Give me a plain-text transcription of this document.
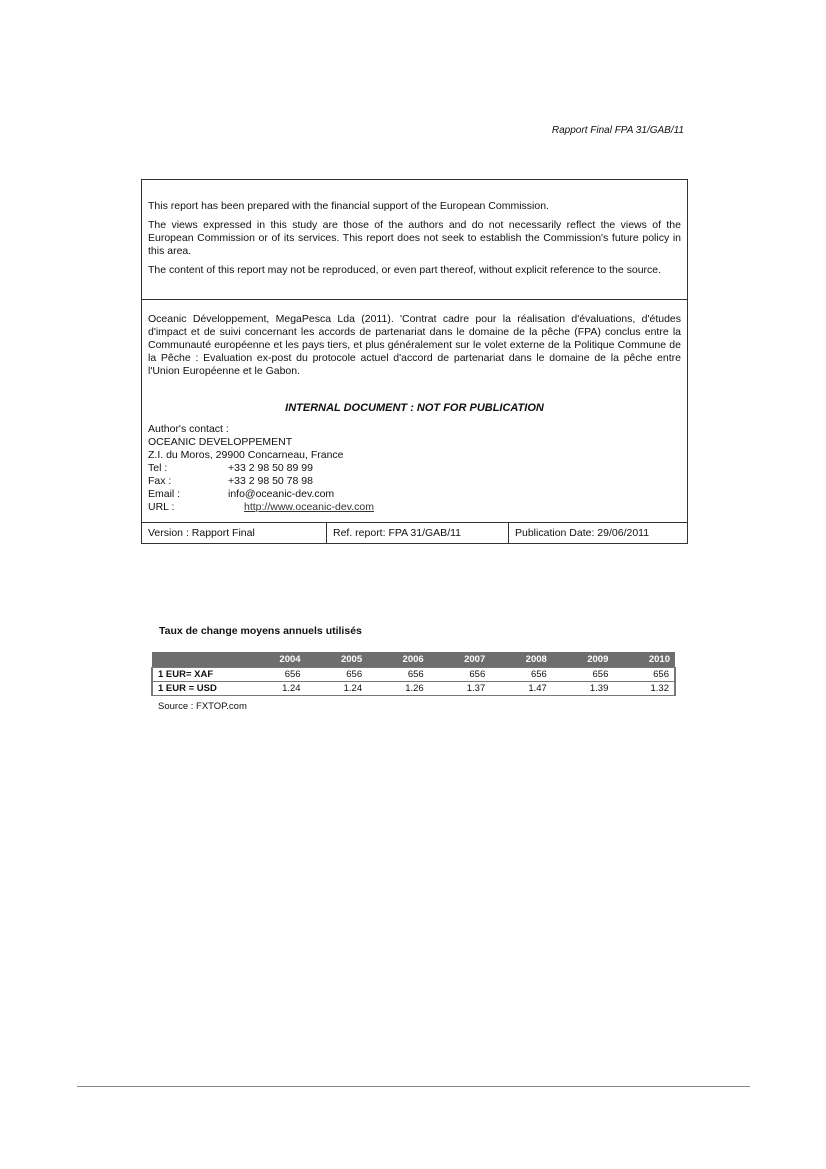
Rapport Final FPA 31/GAB/11

This report has been prepared with the financial support of the European Commission.

The views expressed in this study are those of the authors and do not necessarily reflect the views of the European Commission or of its services. This report does not seek to establish the Commission's future policy in this area.

The content of this report may not be reproduced, or even part thereof, without explicit reference to the source.

Oceanic Développement, MegaPesca Lda (2011). 'Contrat cadre pour la réalisation d'évaluations, d'études d'impact et de suivi concernant les accords de partenariat dans le domaine de la pêche (FPA) conclus entre la Communauté européenne et les pays tiers, et plus généralement sur le volet externe de la Politique Commune de la Pêche : Evaluation ex-post du protocole actuel d'accord de partenariat dans le domaine de la pêche entre l'Union Européenne et le Gabon.

INTERNAL DOCUMENT : NOT FOR PUBLICATION

Author's contact :

OCEANIC DEVELOPPEMENT

Z.I. du Moros, 29900 Concarneau, France

Tel :	+33 2 98 50 89 99
Fax :	+33 2 98 50 78 98
Email :	info@oceanic-dev.com
URL :	http://www.oceanic-dev.com
Version : Rapport Final	Ref. report: FPA 31/GAB/11	Publication Date: 29/06/2011
Taux de change moyens annuels utilisés
	2004	2005	2006	2007	2008	2009	2010
1 EUR= XAF	656	656	656	656	656	656	656
1 EUR = USD	1.24	1.24	1.26	1.37	1.47	1.39	1.32
Source : FXTOP.com
